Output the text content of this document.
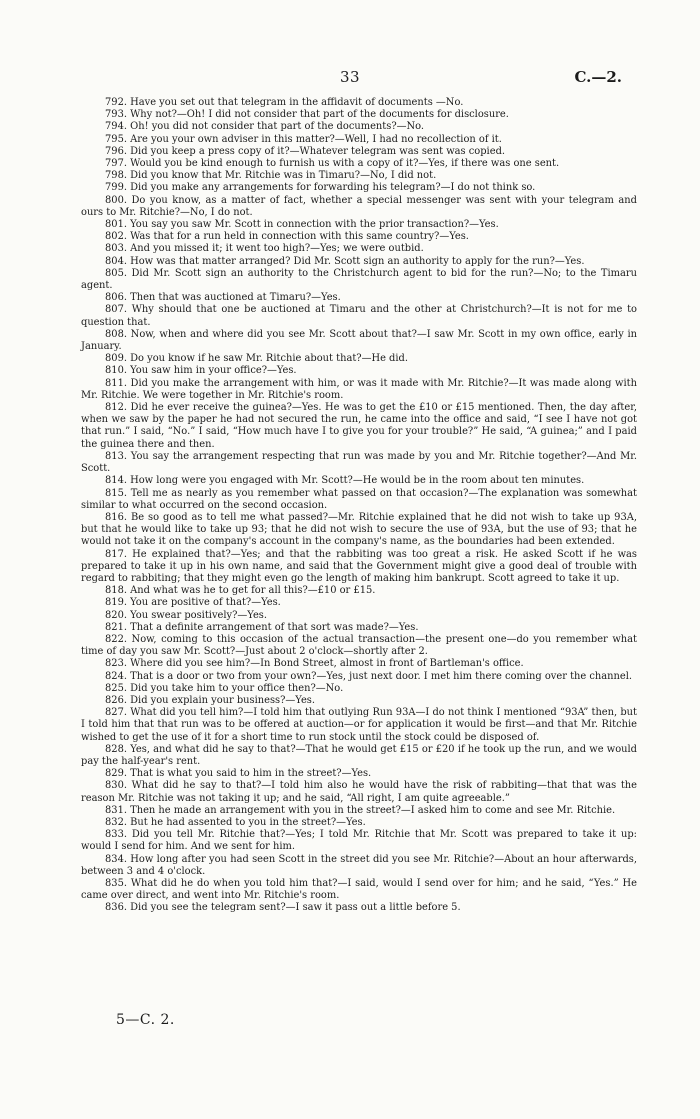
33	C.—2.

792. Have you set out that telegram in the affidavit of documents —No.

793. Why not?—Oh! I did not consider that part of the documents for disclosure.

794. Oh! you did not consider that part of the documents?—No.

795. Are you your own adviser in this matter?—Well, I had no recollection of it.

796. Did you keep a press copy of it?—Whatever telegram was sent was copied.

797. Would you be kind enough to furnish us with a copy of it?—Yes, if there was one sent.

798. Did you know that Mr. Ritchie was in Timaru?—No, I did not.

799. Did you make any arrangements for forwarding his telegram?—I do not think so.

800. Do you know, as a matter of fact, whether a special messenger was sent with your telegram and ours to Mr. Ritchie?—No, I do not.

801. You say you saw Mr. Scott in connection with the prior transaction?—Yes.

802. Was that for a run held in connection with this same country?—Yes.

803. And you missed it; it went too high?—Yes; we were outbid.

804. How was that matter arranged? Did Mr. Scott sign an authority to apply for the run?—Yes.

805. Did Mr. Scott sign an authority to the Christchurch agent to bid for the run?—No; to the Timaru agent.

806. Then that was auctioned at Timaru?—Yes.

807. Why should that one be auctioned at Timaru and the other at Christchurch?—It is not for me to question that.

808. Now, when and where did you see Mr. Scott about that?—I saw Mr. Scott in my own office, early in January.

809. Do you know if he saw Mr. Ritchie about that?—He did.

810. You saw him in your office?—Yes.

811. Did you make the arrangement with him, or was it made with Mr. Ritchie?—It was made along with Mr. Ritchie. We were together in Mr. Ritchie's room.

812. Did he ever receive the guinea?—Yes. He was to get the £10 or £15 mentioned. Then, the day after, when we saw by the paper he had not secured the run, he came into the office and said, “I see I have not got that run.” I said, “No.” I said, “How much have I to give you for your trouble?” He said, “A guinea;” and I paid the guinea there and then.

813. You say the arrangement respecting that run was made by you and Mr. Ritchie together?—And Mr. Scott.

814. How long were you engaged with Mr. Scott?—He would be in the room about ten minutes.

815. Tell me as nearly as you remember what passed on that occasion?—The explanation was somewhat similar to what occurred on the second occasion.

816. Be so good as to tell me what passed?—Mr. Ritchie explained that he did not wish to take up 93A, but that he would like to take up 93; that he did not wish to secure the use of 93A, but the use of 93; that he would not take it on the company's account in the company's name, as the boundaries had been extended.

817. He explained that?—Yes; and that the rabbiting was too great a risk. He asked Scott if he was prepared to take it up in his own name, and said that the Government might give a good deal of trouble with regard to rabbiting; that they might even go the length of making him bankrupt. Scott agreed to take it up.

818. And what was he to get for all this?—£10 or £15.

819. You are positive of that?—Yes.

820. You swear positively?—Yes.

821. That a definite arrangement of that sort was made?—Yes.

822. Now, coming to this occasion of the actual transaction—the present one—do you remember what time of day you saw Mr. Scott?—Just about 2 o'clock—shortly after 2.

823. Where did you see him?—In Bond Street, almost in front of Bartleman's office.

824. That is a door or two from your own?—Yes, just next door. I met him there coming over the channel.

825. Did you take him to your office then?—No.

826. Did you explain your business?—Yes.

827. What did you tell him?—I told him that outlying Run 93A—I do not think I mentioned “93A” then, but I told him that that run was to be offered at auction—or for application it would be first—and that Mr. Ritchie wished to get the use of it for a short time to run stock until the stock could be disposed of.

828. Yes, and what did he say to that?—That he would get £15 or £20 if he took up the run, and we would pay the half-year's rent.

829. That is what you said to him in the street?—Yes.

830. What did he say to that?—I told him also he would have the risk of rabbiting—that that was the reason Mr. Ritchie was not taking it up; and he said, “All right, I am quite agreeable.”

831. Then he made an arrangement with you in the street?—I asked him to come and see Mr. Ritchie.

832. But he had assented to you in the street?—Yes.

833. Did you tell Mr. Ritchie that?—Yes; I told Mr. Ritchie that Mr. Scott was prepared to take it up: would I send for him. And we sent for him.

834. How long after you had seen Scott in the street did you see Mr. Ritchie?—About an hour afterwards, between 3 and 4 o'clock.

835. What did he do when you told him that?—I said, would I send over for him; and he said, “Yes.” He came over direct, and went into Mr. Ritchie's room.

836. Did you see the telegram sent?—I saw it pass out a little before 5.

5—C. 2.
